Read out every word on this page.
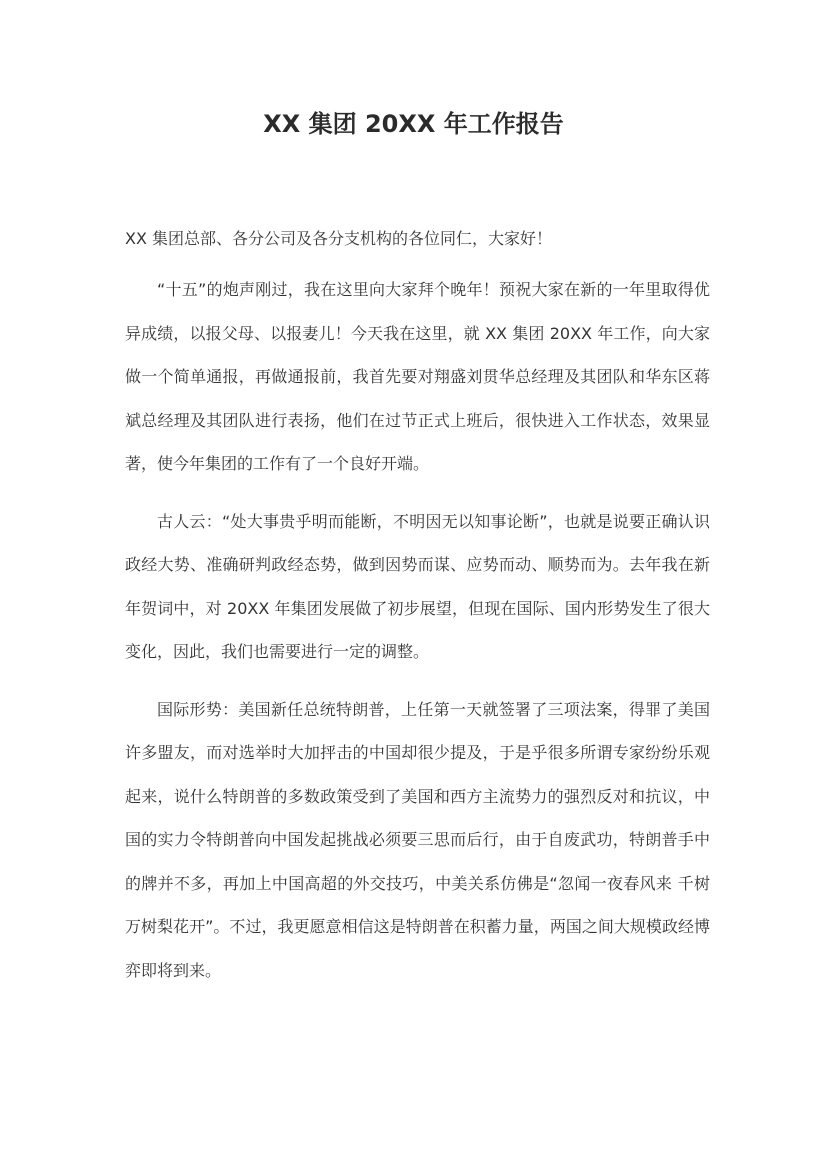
XX 集团 20XX 年工作报告

XX 集团总部、各分公司及各分支机构的各位同仁，大家好！

“十五”的炮声刚过，我在这里向大家拜个晚年！预祝大家在新的一年里取得优异成绩，以报父母、以报妻儿！今天我在这里，就 XX 集团 20XX 年工作，向大家做一个简单通报，再做通报前，我首先要对翔盛刘贯华总经理及其团队和华东区蒋斌总经理及其团队进行表扬，他们在过节正式上班后，很快进入工作状态，效果显著，使今年集团的工作有了一个良好开端。

古人云：“处大事贵乎明而能断，不明因无以知事论断”，也就是说要正确认识政经大势、准确研判政经态势，做到因势而谋、应势而动、顺势而为。去年我在新年贺词中，对 20XX 年集团发展做了初步展望，但现在国际、国内形势发生了很大变化，因此，我们也需要进行一定的调整。

国际形势：美国新任总统特朗普，上任第一天就签署了三项法案，得罪了美国许多盟友，而对选举时大加抨击的中国却很少提及，于是乎很多所谓专家纷纷乐观起来，说什么特朗普的多数政策受到了美国和西方主流势力的强烈反对和抗议，中国的实力令特朗普向中国发起挑战必须要三思而后行，由于自废武功，特朗普手中的牌并不多，再加上中国高超的外交技巧，中美关系仿佛是“忽闻一夜春风来 千树万树梨花开”。不过，我更愿意相信这是特朗普在积蓄力量，两国之间大规模政经博弈即将到来。
